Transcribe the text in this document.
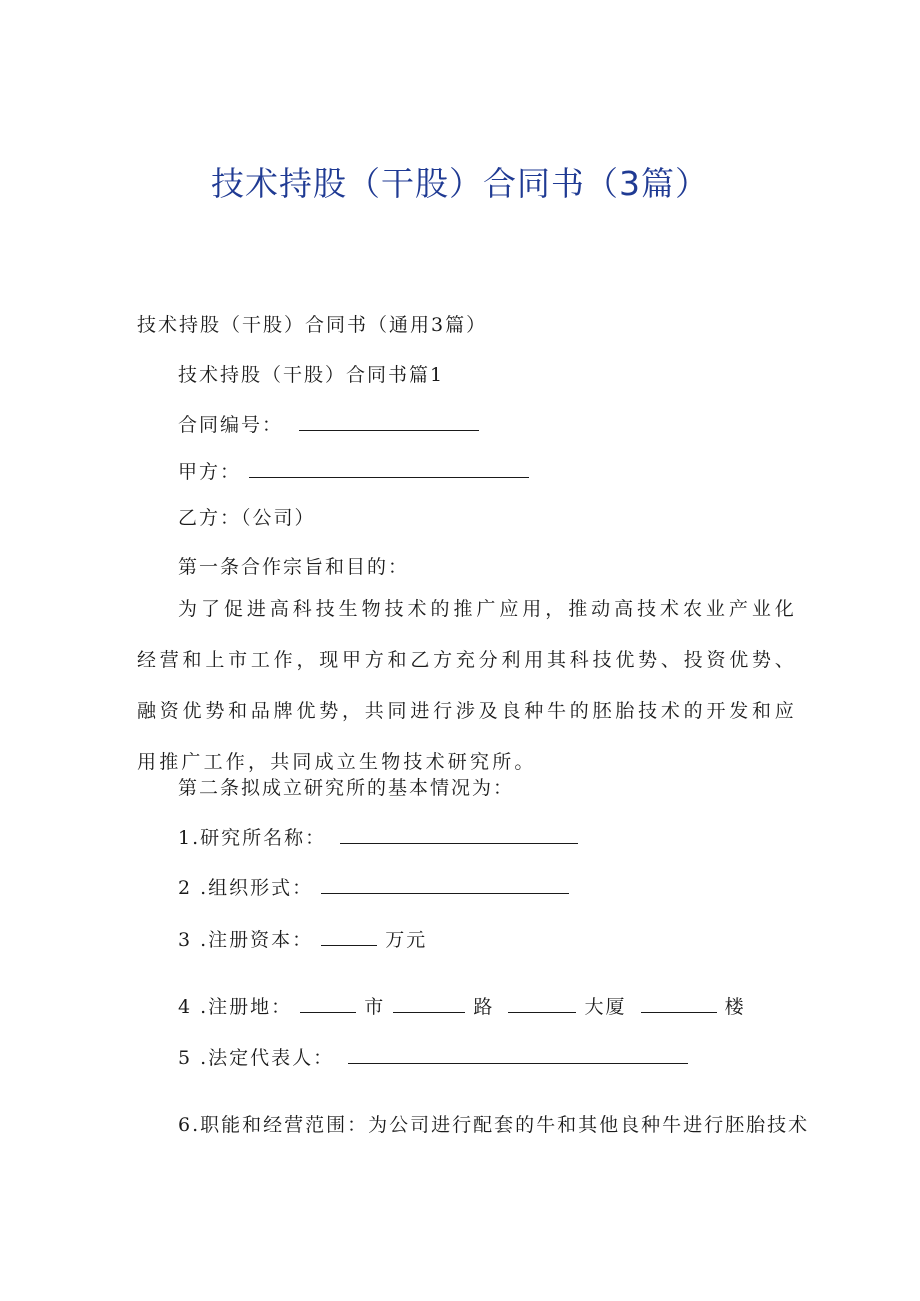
技术持股（干股）合同书（3篇）
技术持股（干股）合同书（通用3篇）
技术持股（干股）合同书篇1
合同编号：
甲方：
乙方：（公司）
第一条合作宗旨和目的：
为了促进高科技生物技术的推广应用，推动高技术农业产业化经营和上市工作，现甲方和乙方充分利用其科技优势、投资优势、融资优势和品牌优势，共同进行涉及良种牛的胚胎技术的开发和应用推广工作，共同成立生物技术研究所。
第二条拟成立研究所的基本情况为：
1.研究所名称：
2 .组织形式：
3 .注册资本：	万元
4 .注册地：	市	路	大厦	楼
5 .法定代表人：
6.职能和经营范围：为公司进行配套的牛和其他良种牛进行胚胎技术
